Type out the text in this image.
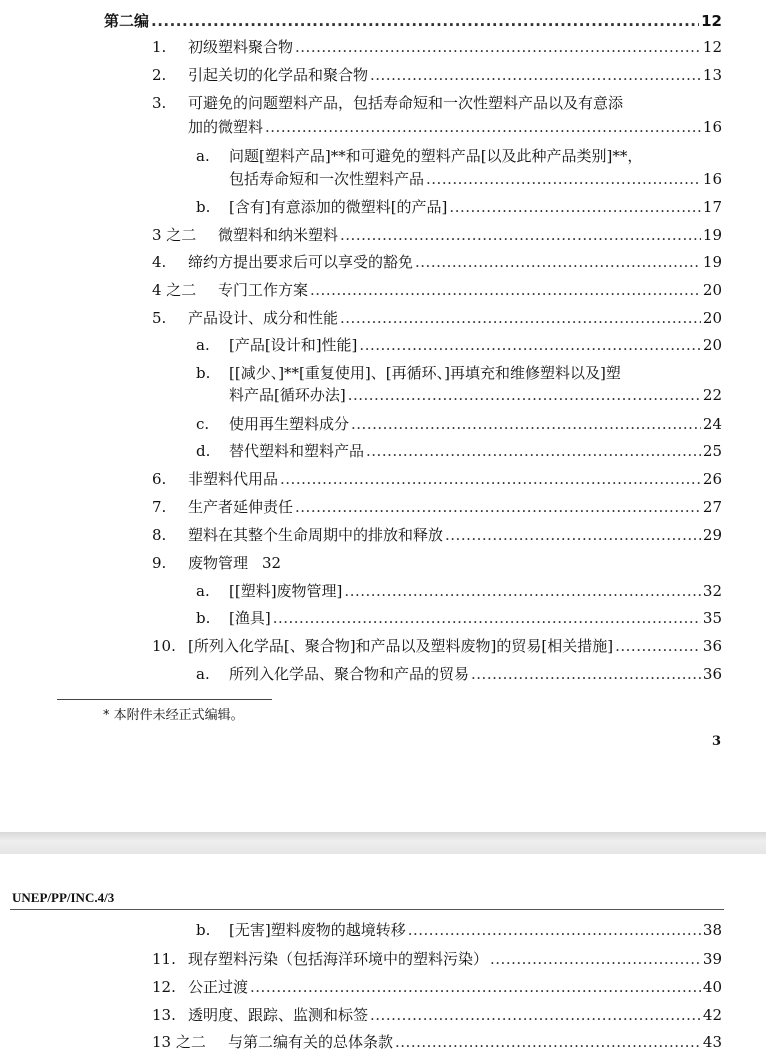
第二编 .....	12
1.	初级塑料聚合物 .....	12
2.	引起关切的化学品和聚合物 .....	13
3. 可避免的问题塑料产品，包括寿命短和一次性塑料产品以及有意添
加的微塑料 .....	16
a. 问题[塑料产品]**和可避免的塑料产品[以及此种产品类别]**，
包括寿命短和一次性塑料产品 .....	16
b.	[含有]有意添加的微塑料[的产品] .....	17
3 之二	微塑料和纳米塑料 .....	19
4.	缔约方提出要求后可以享受的豁免 .....	19
4 之二	专门工作方案 .....	20
5.	产品设计、成分和性能 .....	20
a.	[产品[设计和]性能] .....	20
b. [[减少、]**[重复使用]、[再循环、]再填充和维修塑料以及]塑
料产品[循环办法] .....	22
c.	使用再生塑料成分 .....	24
d.	替代塑料和塑料产品 .....	25
6.	非塑料代用品 .....	26
7.	生产者延伸责任 .....	27
8.	塑料在其整个生命周期中的排放和释放 .....	29
9. 废物管理 32
a.	[[塑料]废物管理] .....	32
b.	[渔具] .....	35
10. [所列入化学品[、聚合物]和产品以及塑料废物]的贸易[相关措施] .....	36
a.	所列入化学品、聚合物和产品的贸易 .....	36
* 本附件未经正式编辑。
3
UNEP/PP/INC.4/3
b.	[无害]塑料废物的越境转移 .....	38
11. 现存塑料污染（包括海洋环境中的塑料污染） .....	39
12. 公正过渡 .....	40
13. 透明度、跟踪、监测和标签 .....	42
13 之二	与第二编有关的总体条款 .....	43
